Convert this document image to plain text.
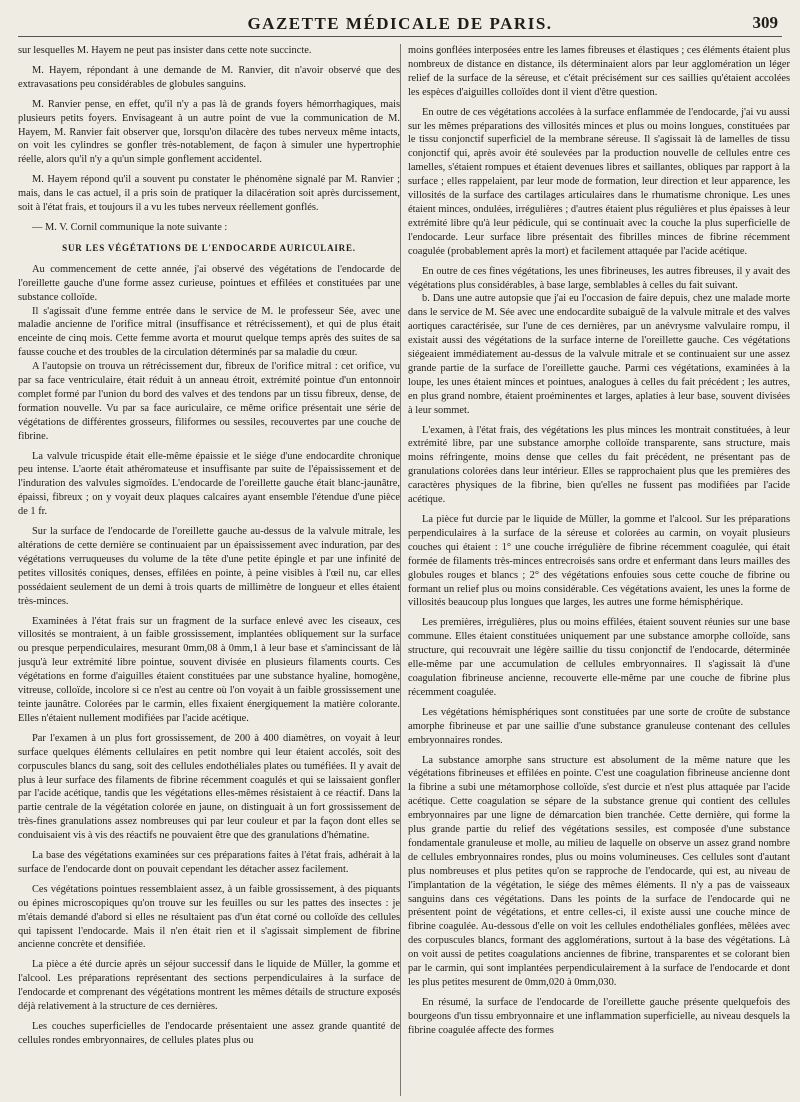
GAZETTE MÉDICALE DE PARIS.	309

sur lesquelles M. Hayem ne peut pas insister dans cette note succincte.

M. Hayem, répondant à une demande de M. Ranvier, dit n'avoir observé que des extravasations peu considérables de globules sanguins.

M. Ranvier pense, en effet, qu'il n'y a pas là de grands foyers hémorrhagiques, mais plusieurs petits foyers. Envisageant à un autre point de vue la communication de M. Hayem, M. Ranvier fait observer que, lorsqu'on dilacère des tubes nerveux même intacts, on voit les cylindres se gonfler très-notablement, de façon à simuler une hypertrophie réelle, alors qu'il n'y a qu'un simple gonflement accidentel.

M. Hayem répond qu'il a souvent pu constater le phénomène signalé par M. Ranvier ; mais, dans le cas actuel, il a pris soin de pratiquer la dilacération soit après durcissement, soit à l'état frais, et toujours il a vu les tubes nerveux réellement gonflés.

— M. V. Cornil communique la note suivante :

SUR LES VÉGÉTATIONS DE L'ENDOCARDE AURICULAIRE.

Au commencement de cette année, j'ai observé des végétations de l'endocarde de l'oreillette gauche d'une forme assez curieuse, pointues et effilées et constituées par une substance colloïde.

Il s'agissait d'une femme entrée dans le service de M. le professeur Sée, avec une maladie ancienne de l'orifice mitral (insuffisance et rétrécissement), et qui de plus était enceinte de cinq mois. Cette femme avorta et mourut quelque temps après des suites de sa fausse couche et des troubles de la circulation déterminés par sa maladie du cœur.

A l'autopsie on trouva un rétrécissement dur, fibreux de l'orifice mitral : cet orifice, vu par sa face ventriculaire, était réduit à un anneau étroit, extrémité pointue d'un entonnoir complet formé par l'union du bord des valves et des tendons par un tissu fibreux, dense, de formation nouvelle. Vu par sa face auriculaire, ce même orifice présentait une série de végétations de différentes grosseurs, filiformes ou sessiles, recouvertes par une couche de fibrine.

La valvule tricuspide était elle-même épaissie et le siége d'une endocardite chronique peu intense. L'aorte était athéromateuse et insuffisante par suite de l'épaississement et de l'induration des valvules sigmoïdes. L'endocarde de l'oreillette gauche était blanc-jaunâtre, épaissi, fibreux ; on y voyait deux plaques calcaires ayant ensemble l'étendue d'une pièce de 1 fr.

Sur la surface de l'endocarde de l'oreillette gauche au-dessus de la valvule mitrale, les altérations de cette dernière se continuaient par un épaississement avec induration, par des végétations verruqueuses du volume de la tête d'une petite épingle et par une infinité de petites villosités coniques, denses, effilées en pointe, à peine visibles à l'œil nu, car elles possédaient seulement de un demi à trois quarts de millimètre de longueur et elles étaient très-minces.

Examinées à l'état frais sur un fragment de la surface enlevé avec les ciseaux, ces villosités se montraient, à un faible grossissement, implantées obliquement sur la surface ou presque perpendiculaires, mesurant 0mm,08 à 0mm,1 à leur base et s'amincissant de là jusqu'à leur extrémité libre pointue, souvent divisée en plusieurs filaments courts. Ces végétations en forme d'aiguilles étaient constituées par une substance hyaline, homogène, vitreuse, colloïde, incolore si ce n'est au centre où l'on voyait à un faible grossissement une teinte jaunâtre. Colorées par le carmin, elles fixaient énergiquement la matière colorante. Elles n'étaient nullement modifiées par l'acide acétique.

Par l'examen à un plus fort grossissement, de 200 à 400 diamètres, on voyait à leur surface quelques éléments cellulaires en petit nombre qui leur étaient accolés, soit des corpuscules blancs du sang, soit des cellules endothéliales plates ou tuméfiées. Il y avait de plus à leur surface des filaments de fibrine récemment coagulés et qui se laissaient gonfler par l'acide acétique, tandis que les végétations elles-mêmes résistaient à ce réactif. Dans la partie centrale de la végétation colorée en jaune, on distinguait à un fort grossissement de très-fines granulations assez nombreuses qui par leur couleur et par la façon dont elles se conduisaient vis à vis des réactifs ne pouvaient être que des granulations d'hématine.

La base des végétations examinées sur ces préparations faites à l'état frais, adhérait à la surface de l'endocarde dont on pouvait cependant les détacher assez facilement.

Ces végétations pointues ressemblaient assez, à un faible grossissement, à des piquants ou épines microscopiques qu'on trouve sur les feuilles ou sur les pattes des insectes : je m'étais demandé d'abord si elles ne résultaient pas d'un état corné ou colloïde des cellules qui tapissent l'endocarde. Mais il n'en était rien et il s'agissait simplement de fibrine ancienne concrète et densifiée.

La pièce a été durcie après un séjour successif dans le liquide de Müller, la gomme et l'alcool. Les préparations représentant des sections perpendiculaires à la surface de l'endocarde et comprenant des végétations montrent les mêmes détails de structure exposés déjà relativement à la structure de ces dernières.

Les couches superficielles de l'endocarde présentaient une assez grande quantité de cellules rondes embryonnaires, de cellules plates plus ou

moins gonflées interposées entre les lames fibreuses et élastiques ; ces éléments étaient plus nombreux de distance en distance, ils déterminaient alors par leur agglomération un léger relief de la surface de la séreuse, et c'était précisément sur ces saillies qu'étaient accolées les espèces d'aiguilles colloïdes dont il vient d'être question.

En outre de ces végétations accolées à la surface enflammée de l'endocarde, j'ai vu aussi sur les mêmes préparations des villosités minces et plus ou moins longues, constituées par le tissu conjonctif superficiel de la membrane séreuse. Il s'agissait là de lamelles de tissu conjonctif qui, après avoir été soulevées par la production nouvelle de cellules entre ces lamelles, s'étaient rompues et étaient devenues libres et saillantes, obliques par rapport à la surface ; elles rappelaient, par leur mode de formation, leur direction et leur apparence, les villosités de la surface des cartilages articulaires dans le rhumatisme chronique. Les unes étaient minces, ondulées, irrégulières ; d'autres étaient plus régulières et plus épaisses à leur extrémité libre qu'à leur pédicule, qui se continuait avec la couche la plus superficielle de l'endocarde. Leur surface libre présentait des fibrilles minces de fibrine récemment coagulée (probablement après la mort) et facilement attaquée par l'acide acétique.

En outre de ces fines végétations, les unes fibrineuses, les autres fibreuses, il y avait des végétations plus considérables, à base large, semblables à celles du fait suivant.

b. Dans une autre autopsie que j'ai eu l'occasion de faire depuis, chez une malade morte dans le service de M. Sée avec une endocardite subaiguë de la valvule mitrale et des valves aortiques caractérisée, sur l'une de ces dernières, par un anévrysme valvulaire rompu, il existait aussi des végétations de la surface interne de l'oreillette gauche. Ces végétations siégeaient immédiatement au-dessus de la valvule mitrale et se continuaient sur une assez grande partie de la surface de l'oreillette gauche. Parmi ces végétations, examinées à la loupe, les unes étaient minces et pointues, analogues à celles du fait précédent ; les autres, en plus grand nombre, étaient proéminentes et larges, aplaties à leur base, souvent divisées à leur sommet.

L'examen, à l'état frais, des végétations les plus minces les montrait constituées, à leur extrémité libre, par une substance amorphe colloïde transparente, sans structure, mais moins réfringente, moins dense que celles du fait précédent, ne présentant pas de granulations colorées dans leur intérieur. Elles se rapprochaient plus que les premières des caractères physiques de la fibrine, bien qu'elles ne fussent pas modifiées par l'acide acétique.

La pièce fut durcie par le liquide de Müller, la gomme et l'alcool. Sur les préparations perpendiculaires à la surface de la séreuse et colorées au carmin, on voyait plusieurs couches qui étaient : 1° une couche irrégulière de fibrine récemment coagulée, qui était formée de filaments très-minces entrecroisés sans ordre et enfermant dans leurs mailles des globules rouges et blancs ; 2° des végétations enfouies sous cette couche de fibrine ou formant un relief plus ou moins considérable. Ces végétations avaient, les unes la forme de villosités beaucoup plus longues que larges, les autres une forme hémisphérique.

Les premières, irrégulières, plus ou moins effilées, étaient souvent réunies sur une base commune. Elles étaient constituées uniquement par une substance amorphe colloïde, sans structure, qui recouvrait une légère saillie du tissu conjonctif de l'endocarde, déterminée elle-même par une accumulation de cellules embryonnaires. Il s'agissait là d'une coagulation fibrineuse ancienne, recouverte elle-même par une couche de fibrine plus récemment coagulée.

Les végétations hémisphériques sont constituées par une sorte de croûte de substance amorphe fibrineuse et par une saillie d'une substance granuleuse contenant des cellules embryonnaires rondes.

La substance amorphe sans structure est absolument de la même nature que les végétations fibrineuses et effilées en pointe. C'est une coagulation fibrineuse ancienne dont la fibrine a subi une métamorphose colloïde, s'est durcie et n'est plus attaquée par l'acide acétique. Cette coagulation se sépare de la substance grenue qui contient des cellules embryonnaires par une ligne de démarcation bien tranchée. Cette dernière, qui forme la plus grande partie du relief des végétations sessiles, est composée d'une substance fondamentale granuleuse et molle, au milieu de laquelle on observe un assez grand nombre de cellules embryonnaires rondes, plus ou moins volumineuses. Ces cellules sont d'autant plus nombreuses et plus petites qu'on se rapproche de l'endocarde, qui est, au niveau de l'implantation de la végétation, le siége des mêmes éléments. Il n'y a pas de vaisseaux sanguins dans ces végétations. Dans les points de la surface de l'endocarde qui ne présentent point de végétations, et entre celles-ci, il existe aussi une couche mince de fibrine coagulée. Au-dessous d'elle on voit les cellules endothéliales gonflées, mêlées avec des corpuscules blancs, formant des agglomérations, surtout à la base des végétations. Là on voit aussi de petites coagulations anciennes de fibrine, transparentes et se colorant bien par le carmin, qui sont implantées perpendiculairement à la surface de l'endocarde et dont les plus petites mesurent de 0mm,020 à 0mm,030.

En résumé, la surface de l'endocarde de l'oreillette gauche présente quelquefois des bourgeons d'un tissu embryonnaire et une inflammation superficielle, au niveau desquels la fibrine coagulée affecte des formes
